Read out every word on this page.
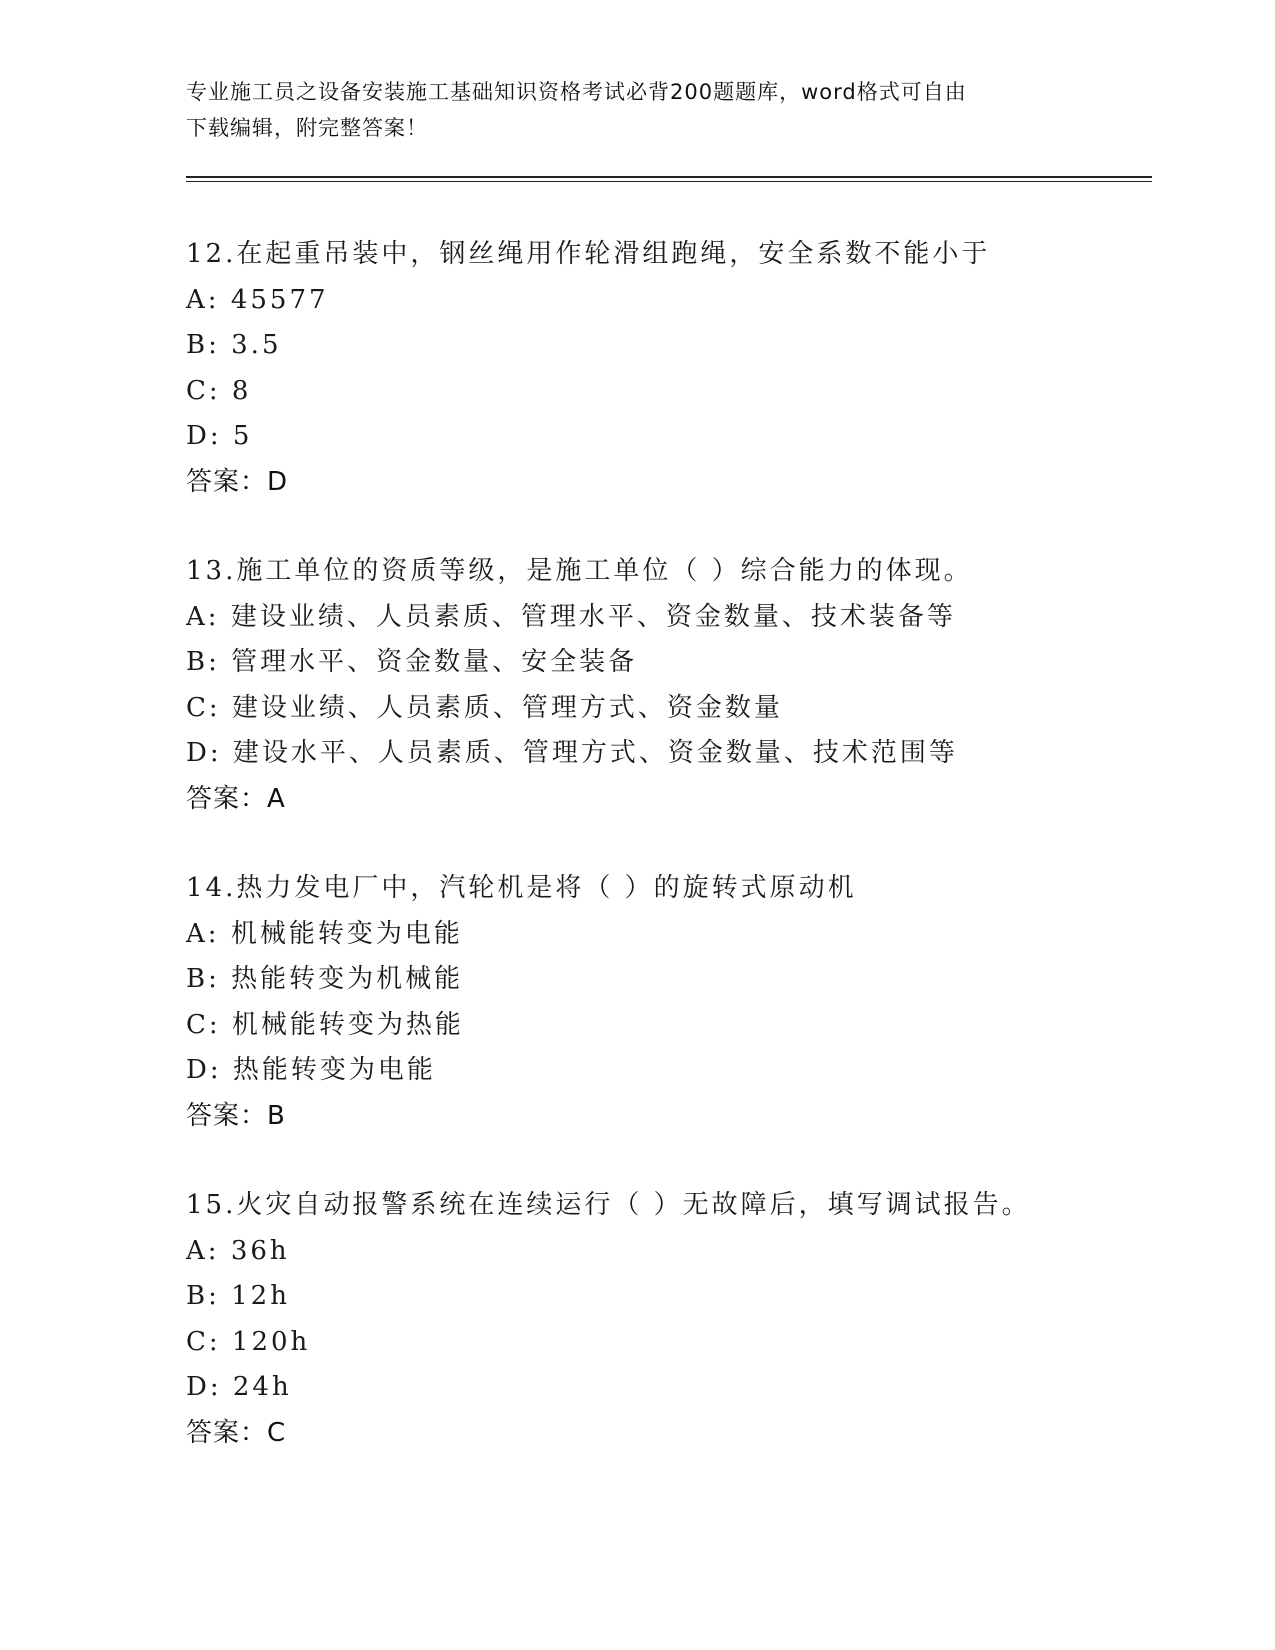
专业施工员之设备安装施工基础知识资格考试必背200题题库，word格式可自由
下载编辑，附完整答案！
12.在起重吊装中，钢丝绳用作轮滑组跑绳，安全系数不能小于
A: 45577
B: 3.5
C: 8
D: 5
答案：D
13.施工单位的资质等级，是施工单位（ ）综合能力的体现。
A: 建设业绩、人员素质、管理水平、资金数量、技术装备等
B: 管理水平、资金数量、安全装备
C: 建设业绩、人员素质、管理方式、资金数量
D: 建设水平、人员素质、管理方式、资金数量、技术范围等
答案：A
14.热力发电厂中，汽轮机是将（ ）的旋转式原动机
A: 机械能转变为电能
B: 热能转变为机械能
C: 机械能转变为热能
D: 热能转变为电能
答案：B
15.火灾自动报警系统在连续运行（ ）无故障后，填写调试报告。
A: 36h
B: 12h
C: 120h
D: 24h
答案：C
